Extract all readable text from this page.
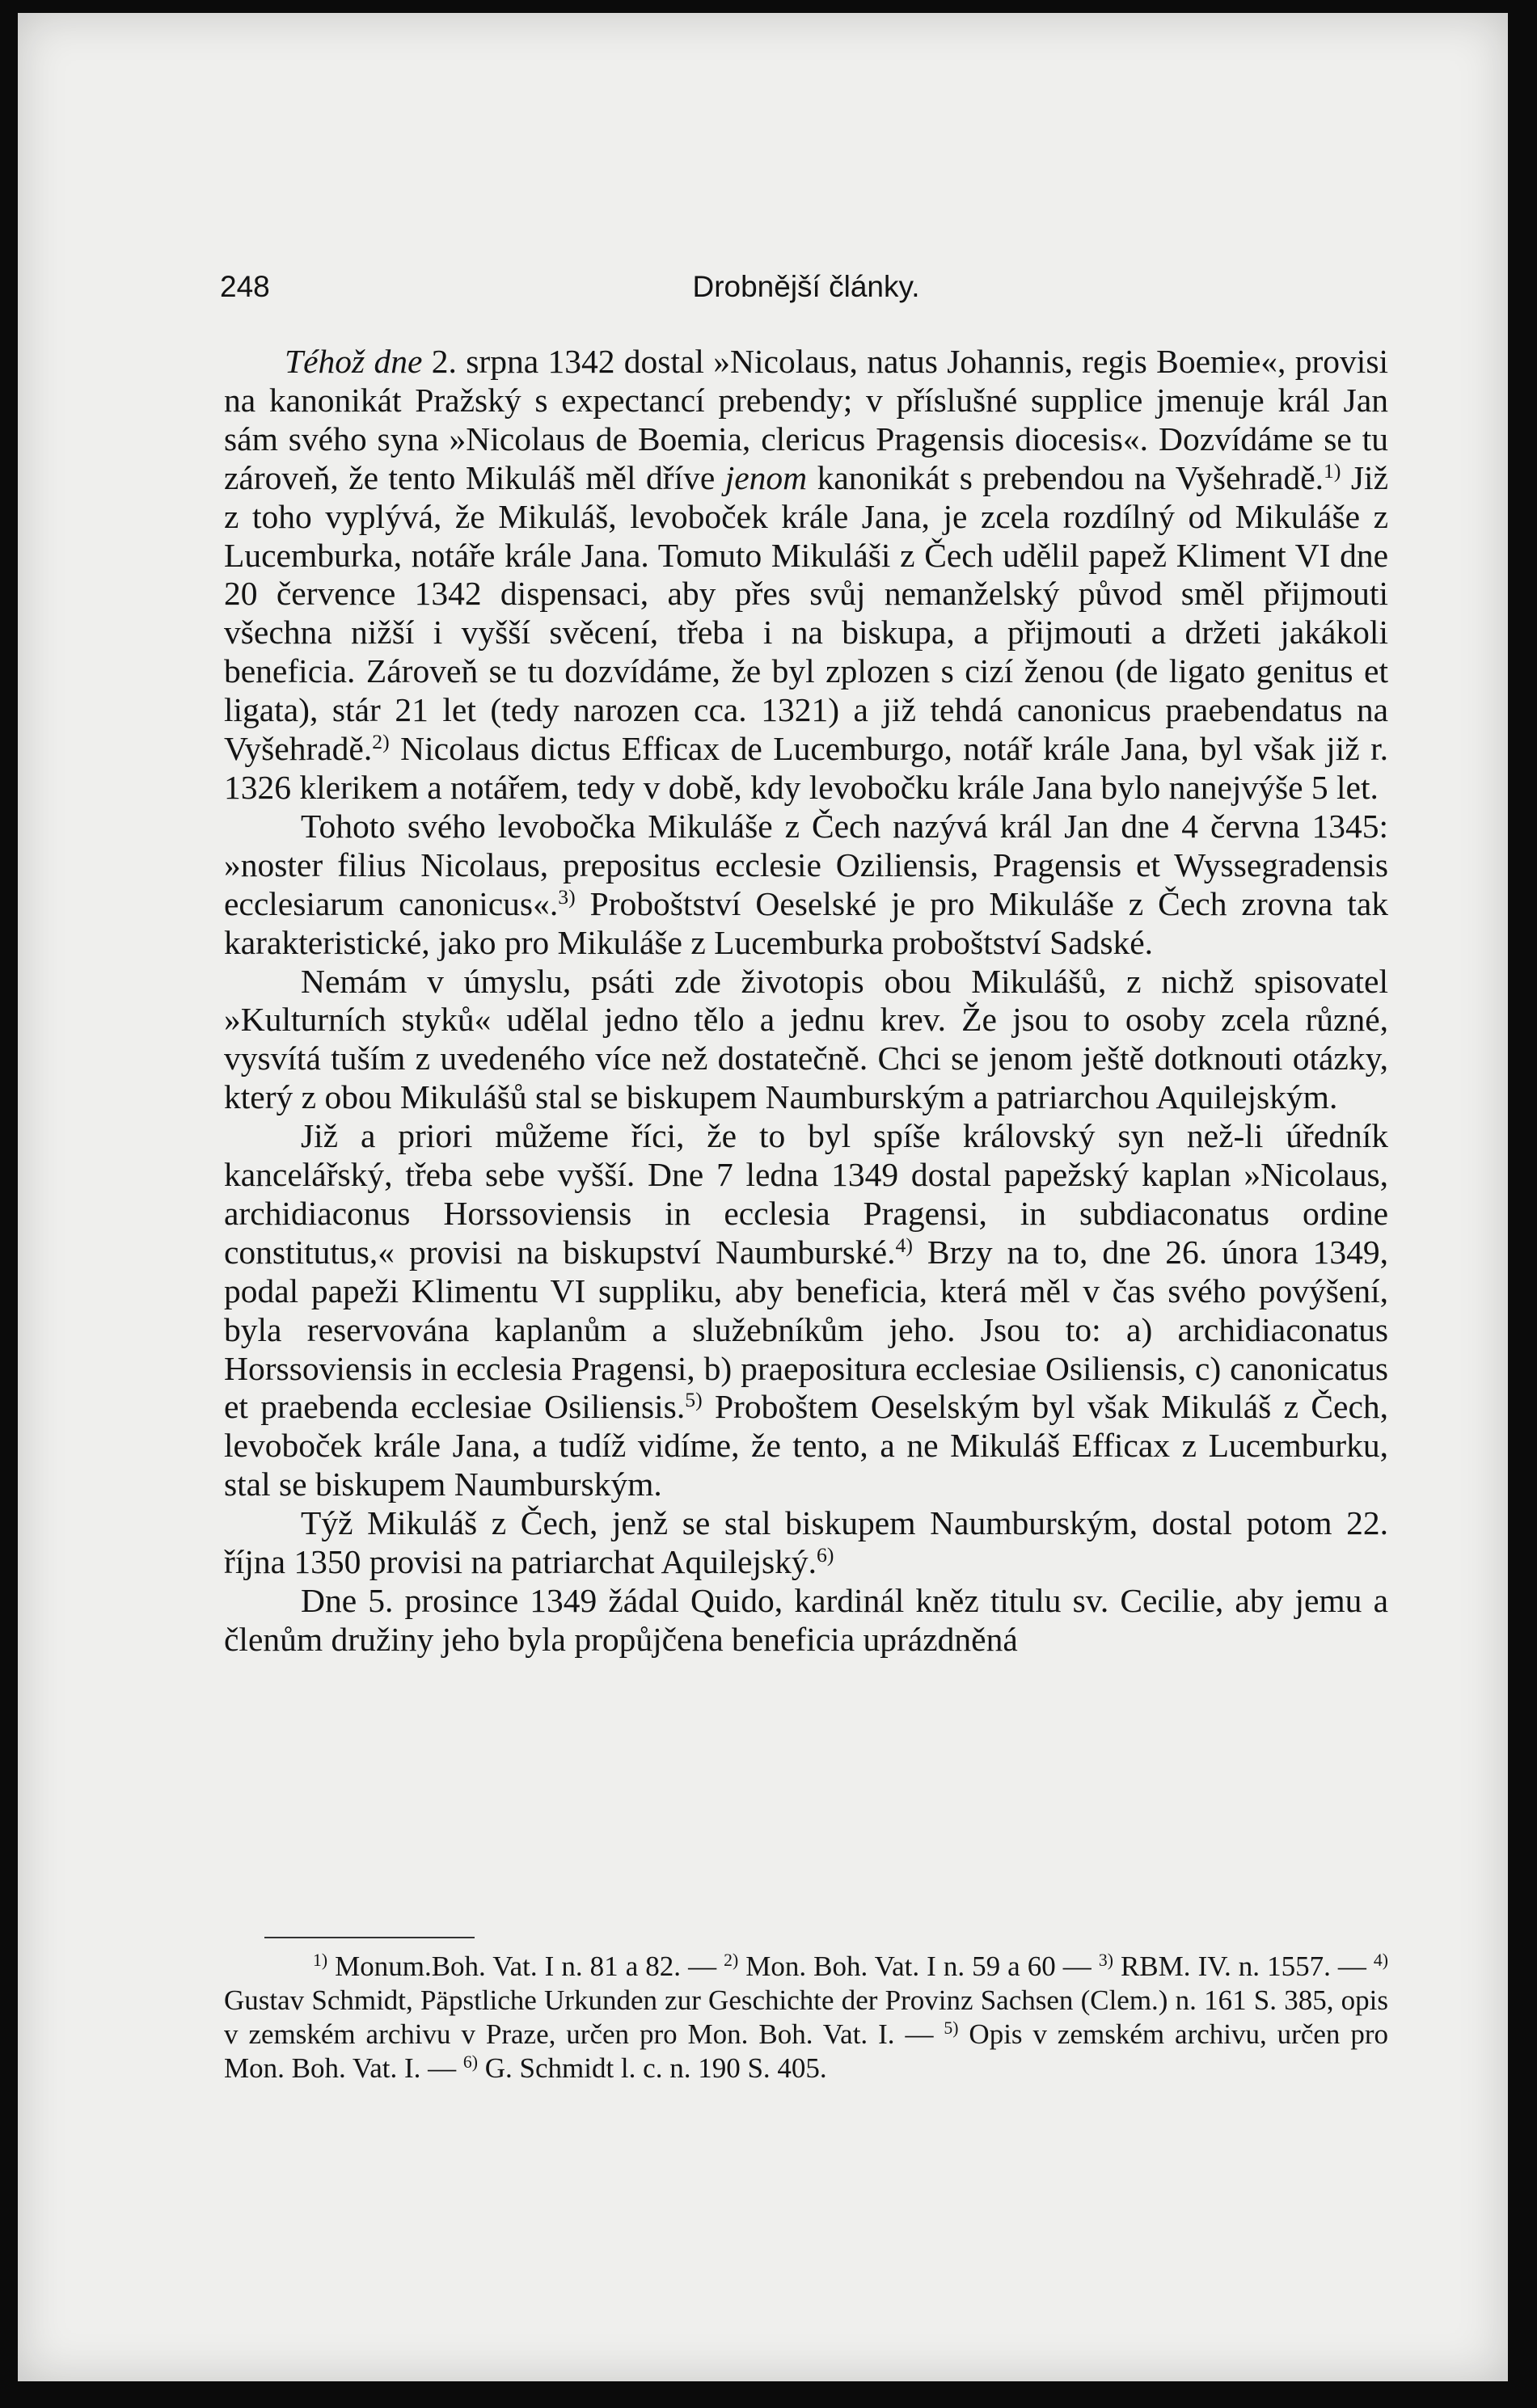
248	Drobnější články.

Téhož dne 2. srpna 1342 dostal »Nicolaus, natus Johannis, regis Boemie«, provisi na kanonikát Pražský s expectancí prebendy; v příslušné supplice jmenuje král Jan sám svého syna »Nicolaus de Boemia, clericus Pragensis diocesis«. Dozvídáme se tu zároveň, že tento Mikuláš měl dříve jenom kanonikát s prebendou na Vyšehradě.$^{1)}$ Již z toho vyplývá, že Mikuláš, levoboček krále Jana, je zcela rozdílný od Mikuláše z Lucemburka, notáře krále Jana. Tomuto Mikuláši z Čech udělil papež Kliment VI dne 20 července 1342 dispensaci, aby přes svůj nemanželský původ směl přijmouti všechna nižší i vyšší svěcení, třeba i na biskupa, a přijmouti a držeti jakákoli beneficia. Zároveň se tu dozvídáme, že byl zplozen s cizí ženou (de ligato genitus et ligata), stár 21 let (tedy narozen cca. 1321) a již tehdá canonicus praebendatus na Vyšehradě.$^{2)}$ Nicolaus dictus Efficax de Lucemburgo, notář krále Jana, byl však již r. 1326 klerikem a notářem, tedy v době, kdy levobočku krále Jana bylo nanejvýše 5 let.

Tohoto svého levobočka Mikuláše z Čech nazývá král Jan dne 4 června 1345: »noster filius Nicolaus, prepositus ecclesie Oziliensis, Pragensis et Wyssegradensis ecclesiarum canonicus«.$^{3)}$ Proboštství Oeselské je pro Mikuláše z Čech zrovna tak karakteristické, jako pro Mikuláše z Lucemburka proboštství Sadské.

Nemám v úmyslu, psáti zde životopis obou Mikulášů, z nichž spisovatel »Kulturních styků« udělal jedno tělo a jednu krev. Že jsou to osoby zcela různé, vysvítá tuším z uvedeného více než dostatečně. Chci se jenom ještě dotknouti otázky, který z obou Mikulášů stal se biskupem Naumburským a patriarchou Aquilejským.

Již a priori můžeme říci, že to byl spíše královský syn než-li úředník kancelářský, třeba sebe vyšší. Dne 7 ledna 1349 dostal papežský kaplan »Nicolaus, archidiaconus Horssoviensis in ecclesia Pragensi, in subdiaconatus ordine constitutus,« provisi na biskupství Naumburské.$^{4)}$ Brzy na to, dne 26. února 1349, podal papeži Klimentu VI suppliku, aby beneficia, která měl v čas svého povýšení, byla reservována kaplanům a služebníkům jeho. Jsou to: a) archidiaconatus Horssoviensis in ecclesia Pragensi, b) praepositura ecclesiae Osiliensis, c) canonicatus et praebenda ecclesiae Osiliensis.$^{5)}$ Proboštem Oeselským byl však Mikuláš z Čech, levoboček krále Jana, a tudíž vidíme, že tento, a ne Mikuláš Efficax z Lucemburku, stal se biskupem Naumburským.

Týž Mikuláš z Čech, jenž se stal biskupem Naumburským, dostal potom 22. října 1350 provisi na patriarchat Aquilejský.$^{6)}$

Dne 5. prosince 1349 žádal Quido, kardinál kněz titulu sv. Cecilie, aby jemu a členům družiny jeho byla propůjčena beneficia uprázdněná

$^{1)}$ Monum.Boh. Vat. I n. 81 a 82. — $^{2)}$ Mon. Boh. Vat. I n. 59 a 60 — $^{3)}$ RBM. IV. n. 1557. — $^{4)}$ Gustav Schmidt, Päpstliche Urkunden zur Geschichte der Provinz Sachsen (Clem.) n. 161 S. 385, opis v zemském archivu v Praze, určen pro Mon. Boh. Vat. I. — $^{5)}$ Opis v zemském archivu, určen pro Mon. Boh. Vat. I. — $^{6)}$ G. Schmidt l. c. n. 190 S. 405.
